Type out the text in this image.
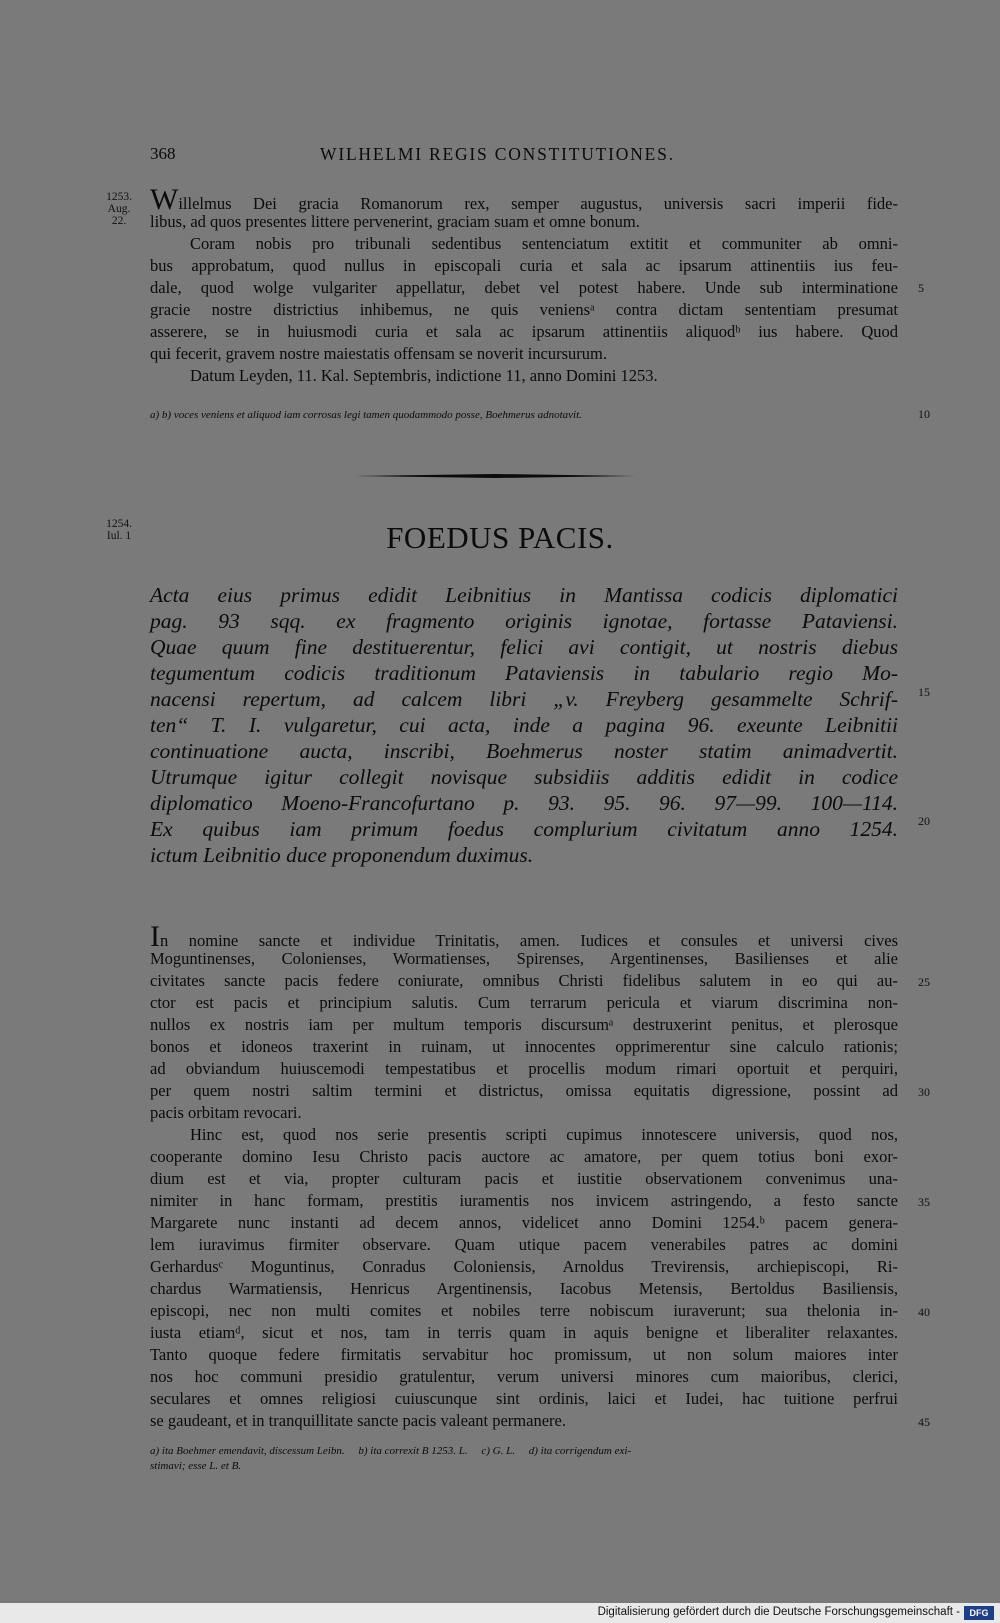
368	WILHELMI REGIS CONSTITUTIONES.
1253.
Aug.
22.
Willelmus Dei gracia Romanorum rex, semper augustus, universis sacri imperii fide-
libus, ad quos presentes littere pervenerint, graciam suam et omne bonum.
Coram nobis pro tribunali sedentibus sentenciatum extitit et communiter ab omni-
bus approbatum, quod nullus in episcopali curia et sala ac ipsarum attinentiis ius feu-
dale, quod wolge vulgariter appellatur, debet vel potest habere. Unde sub interminatione
gracie nostre districtius inhibemus, ne quis veniensᵃ contra dictam sententiam presumat
asserere, se in huiusmodi curia et sala ac ipsarum attinentiis aliquodᵇ ius habere. Quod
qui fecerit, gravem nostre maiestatis offensam se noverit incursurum.
Datum Leyden, 11. Kal. Septembris, indictione 11, anno Domini 1253.
5
a) b) voces veniens et aliquod iam corrosas legi tamen quodammodo posse, Boehmerus adnotavit.	10
1254.
Iul. 1	FOEDUS PACIS.
Acta eius primus edidit Leibnitius in Mantissa codicis diplomatici
pag. 93 sqq. ex fragmento originis ignotae, fortasse Pataviensi.
Quae quum fine destituerentur, felici avi contigit, ut nostris diebus
tegumentum codicis traditionum Pataviensis in tabulario regio Mo-
nacensi repertum, ad calcem libri „v. Freyberg gesammelte Schrif-
ten“ T. I. vulgaretur, cui acta, inde a pagina 96. exeunte Leibnitii
continuatione aucta, inscribi, Boehmerus noster statim animadvertit.
Utrumque igitur collegit novisque subsidiis additis edidit in codice
diplomatico Moeno-Francofurtano p. 93. 95. 96. 97—99. 100—114.
Ex quibus iam primum foedus complurium civitatum anno 1254.
ictum Leibnitio duce proponendum duximus.
15
20
In nomine sancte et individue Trinitatis, amen. Iudices et consules et universi cives
Moguntinenses, Colonienses, Wormatienses, Spirenses, Argentinenses, Basilienses et alie
civitates sancte pacis federe coniurate, omnibus Christi fidelibus salutem in eo qui au-
ctor est pacis et principium salutis. Cum terrarum pericula et viarum discrimina non-
nullos ex nostris iam per multum temporis discursumᵃ destruxerint penitus, et plerosque
bonos et idoneos traxerint in ruinam, ut innocentes opprimerentur sine calculo rationis;
ad obviandum huiuscemodi tempestatibus et procellis modum rimari oportuit et perquiri,
per quem nostri saltim termini et districtus, omissa equitatis digressione, possint ad
pacis orbitam revocari.
Hinc est, quod nos serie presentis scripti cupimus innotescere universis, quod nos,
cooperante domino Iesu Christo pacis auctore ac amatore, per quem totius boni exor-
dium est et via, propter culturam pacis et iustitie observationem convenimus una-
nimiter in hanc formam, prestitis iuramentis nos invicem astringendo, a festo sancte
Margarete nunc instanti ad decem annos, videlicet anno Domini 1254.ᵇ pacem genera-
lem iuravimus firmiter observare. Quam utique pacem venerabiles patres ac domini
Gerhardusᶜ Moguntinus, Conradus Coloniensis, Arnoldus Trevirensis, archiepiscopi, Ri-
chardus Warmatiensis, Henricus Argentinensis, Iacobus Metensis, Bertoldus Basiliensis,
episcopi, nec non multi comites et nobiles terre nobiscum iuraverunt; sua thelonia in-
iusta etiamᵈ, sicut et nos, tam in terris quam in aquis benigne et liberaliter relaxantes.
Tanto quoque federe firmitatis servabitur hoc promissum, ut non solum maiores inter
nos hoc communi presidio gratulentur, verum universi minores cum maioribus, clerici,
seculares et omnes religiosi cuiuscunque sint ordinis, laici et Iudei, hac tuitione perfrui
se gaudeant, et in tranquillitate sancte pacis valeant permanere.
25
30
35
40
45
a) ita Boehmer emendavit, discessum Leibn.     b) ita correxit B 1253. L.     c) G. L.     d) ita corrigendum exi-
stimavi; esse L. et B.
Digitalisierung gefördert durch die Deutsche Forschungsgemeinschaft -	DFG
